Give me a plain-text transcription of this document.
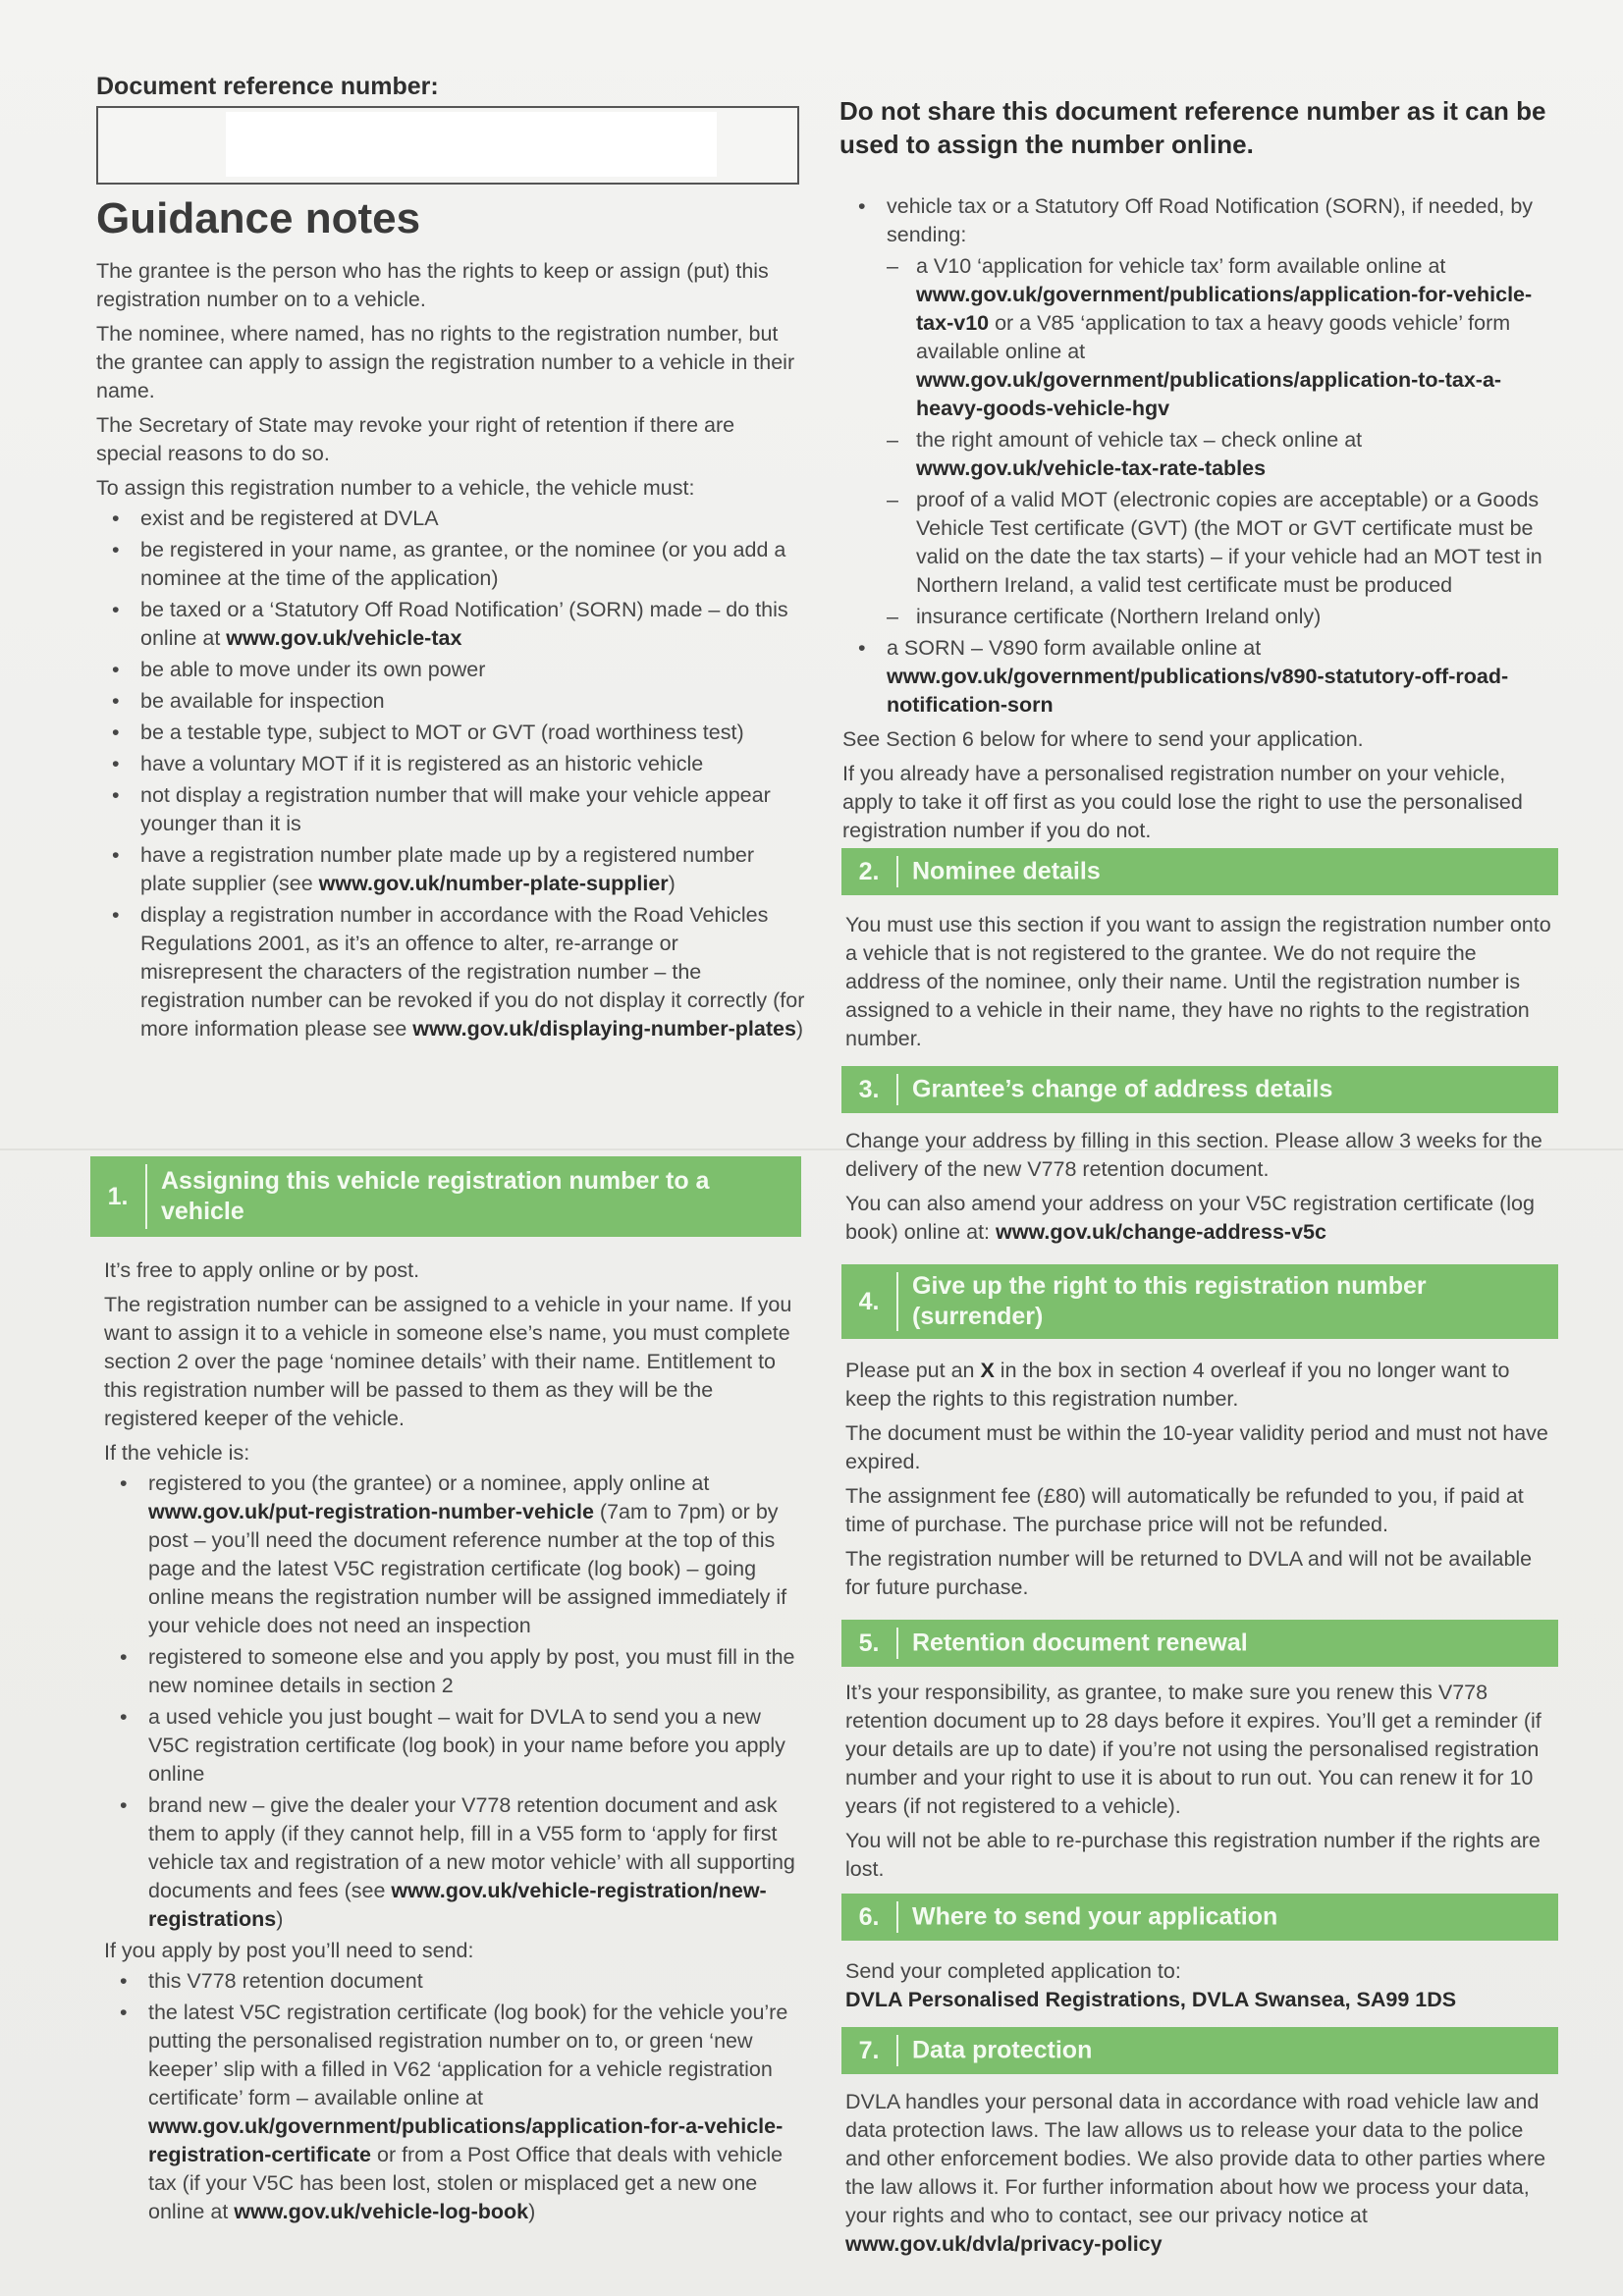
Document reference number:
Do not share this document reference number as it can be used to assign the number online.
Guidance notes

The grantee is the person who has the rights to keep or assign (put) this registration number on to a vehicle.

The nominee, where named, has no rights to the registration number, but the grantee can apply to assign the registration number to a vehicle in their name.

The Secretary of State may revoke your right of retention if there are special reasons to do so.

To assign this registration number to a vehicle, the vehicle must:

• exist and be registered at DVLA
• be registered in your name, as grantee, or the nominee (or you add a nominee at the time of the application)
• be taxed or a ‘Statutory Off Road Notification’ (SORN) made – do this online at www.gov.uk/vehicle-tax
• be able to move under its own power
• be available for inspection
• be a testable type, subject to MOT or GVT (road worthiness test)
• have a voluntary MOT if it is registered as an historic vehicle
• not display a registration number that will make your vehicle appear younger than it is
• have a registration number plate made up by a registered number plate supplier (see www.gov.uk/number-plate-supplier)
• display a registration number in accordance with the Road Vehicles Regulations 2001, as it’s an offence to alter, re-arrange or misrepresent the characters of the registration number – the registration number can be revoked if you do not display it correctly (for more information please see www.gov.uk/displaying-number-plates)
1.
Assigning this vehicle registration number to a vehicle

It’s free to apply online or by post.

The registration number can be assigned to a vehicle in your name. If you want to assign it to a vehicle in someone else’s name, you must complete section 2 over the page ‘nominee details’ with their name. Entitlement to this registration number will be passed to them as they will be the registered keeper of the vehicle.

If the vehicle is:

• registered to you (the grantee) or a nominee, apply online at www.gov.uk/put-registration-number-vehicle (7am to 7pm) or by post – you’ll need the document reference number at the top of this page and the latest V5C registration certificate (log book) – going online means the registration number will be assigned immediately if your vehicle does not need an inspection
• registered to someone else and you apply by post, you must fill in the new nominee details in section 2
• a used vehicle you just bought – wait for DVLA to send you a new V5C registration certificate (log book) in your name before you apply online
• brand new – give the dealer your V778 retention document and ask them to apply (if they cannot help, fill in a V55 form to ‘apply for first vehicle tax and registration of a new motor vehicle’ with all supporting documents and fees (see www.gov.uk/vehicle-registration/new-registrations)

If you apply by post you’ll need to send:

• this V778 retention document
• the latest V5C registration certificate (log book) for the vehicle you’re putting the personalised registration number on to, or green ‘new keeper’ slip with a filled in V62 ‘application for a vehicle registration certificate’ form – available online at www.gov.uk/government/publications/application-for-a-vehicle-registration-certificate or from a Post Office that deals with vehicle tax (if your V5C has been lost, stolen or misplaced get a new one online at www.gov.uk/vehicle-log-book)
• vehicle tax or a Statutory Off Road Notification (SORN), if needed, by sending:
– a V10 ‘application for vehicle tax’ form available online at www.gov.uk/government/publications/application-for-vehicle-tax-v10 or a V85 ‘application to tax a heavy goods vehicle’ form available online at www.gov.uk/government/publications/application-to-tax-a-heavy-goods-vehicle-hgv
– the right amount of vehicle tax – check online at www.gov.uk/vehicle-tax-rate-tables
– proof of a valid MOT (electronic copies are acceptable) or a Goods Vehicle Test certificate (GVT) (the MOT or GVT certificate must be valid on the date the tax starts) – if your vehicle had an MOT test in Northern Ireland, a valid test certificate must be produced
– insurance certificate (Northern Ireland only)
• a SORN – V890 form available online at www.gov.uk/government/publications/v890-statutory-off-road-notification-sorn

See Section 6 below for where to send your application.

If you already have a personalised registration number on your vehicle, apply to take it off first as you could lose the right to use the personalised registration number if you do not.

2.	Nominee details

You must use this section if you want to assign the registration number onto a vehicle that is not registered to the grantee. We do not require the address of the nominee, only their name. Until the registration number is assigned to a vehicle in their name, they have no rights to the registration number.

3.	Grantee’s change of address details

Change your address by filling in this section. Please allow 3 weeks for the delivery of the new V778 retention document.

You can also amend your address on your V5C registration certificate (log book) online at: www.gov.uk/change-address-v5c

4.
Give up the right to this registration number (surrender)

Please put an X in the box in section 4 overleaf if you no longer want to keep the rights to this registration number.

The document must be within the 10-year validity period and must not have expired.

The assignment fee (£80) will automatically be refunded to you, if paid at time of purchase. The purchase price will not be refunded.

The registration number will be returned to DVLA and will not be available for future purchase.

5.	Retention document renewal

It’s your responsibility, as grantee, to make sure you renew this V778 retention document up to 28 days before it expires. You’ll get a reminder (if your details are up to date) if you’re not using the personalised registration number and your right to use it is about to run out. You can renew it for 10 years (if not registered to a vehicle).

You will not be able to re-purchase this registration number if the rights are lost.

6.	Where to send your application

Send your completed application to:

DVLA Personalised Registrations, DVLA Swansea, SA99 1DS

7.	Data protection

DVLA handles your personal data in accordance with road vehicle law and data protection laws. The law allows us to release your data to the police and other enforcement bodies. We also provide data to other parties where the law allows it. For further information about how we process your data, your rights and who to contact, see our privacy notice at www.gov.uk/dvla/privacy-policy
